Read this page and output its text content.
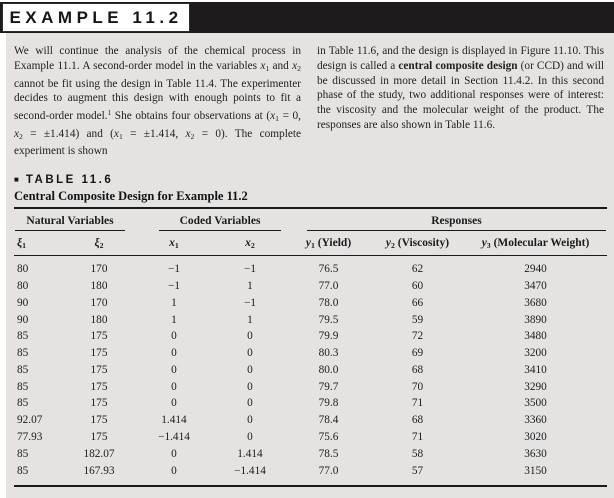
EXAMPLE 11.2

We will continue the analysis of the chemical process in Example 11.1. A second-order model in the variables x1 and x2 cannot be fit using the design in Table 11.4. The experimenter decides to augment this design with enough points to fit a second-order model.$^1$ She obtains four observations at (x1 = 0, x2 = ±1.414) and (x1 = ±1.414, x2 = 0). The complete experiment is shown

in Table 11.6, and the design is displayed in Figure 11.10. This design is called a central composite design (or CCD) and will be discussed in more detail in Section 11.4.2. In this second phase of the study, two additional responses were of interest: the viscosity and the molecular weight of the product. The responses are also shown in Table 11.6.

■ TABLE 11.6
Central Composite Design for Example 11.2
Natural Variables		Coded Variables		Responses		

ξ1	ξ2	x1	x2	y1 (Yield)	y2 (Viscosity)	y3 (Molecular Weight)
80	170	−1	−1	76.5	62	2940
80	180	−1	1	77.0	60	3470
90	170	1	−1	78.0	66	3680
90	180	1	1	79.5	59	3890
85	175	0	0	79.9	72	3480
85	175	0	0	80.3	69	3200
85	175	0	0	80.0	68	3410
85	175	0	0	79.7	70	3290
85	175	0	0	79.8	71	3500
92.07	175	1.414	0	78.4	68	3360
77.93	175	−1.414	0	75.6	71	3020
85	182.07	0	1.414	78.5	58	3630
85	167.93	0	−1.414	77.0	57	3150
